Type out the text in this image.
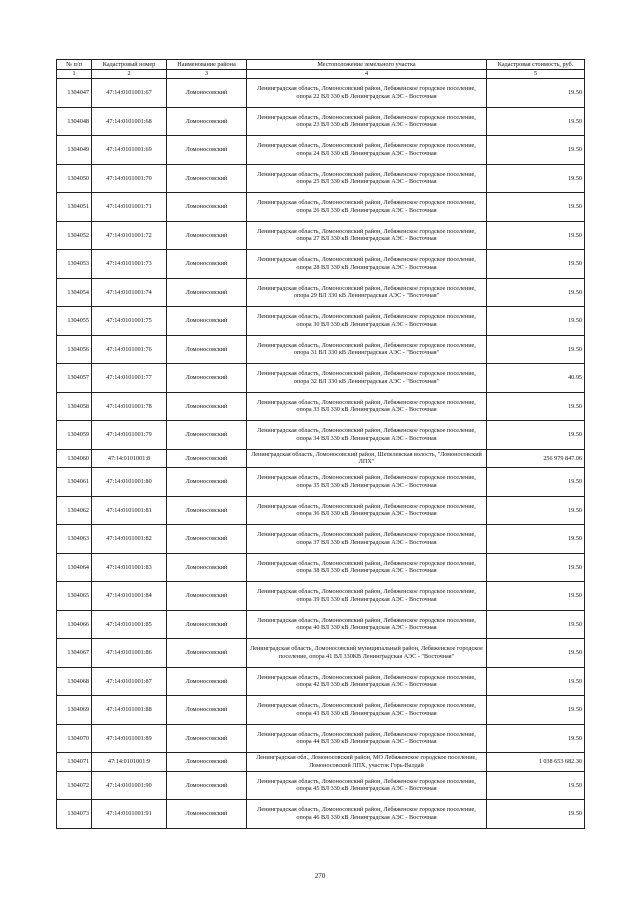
№ п/п	Кадастровый номер	Наименование района	Местоположение земельного участка	Кадастровая стоимость, руб.
1	2	3	4	5
1304047	47:14:0101001:67	Ломоносовский	Ленинградская область, Ломоносовский район, Лебяженское городское поселение, опора 22 ВЛ 330 кВ Ленинградская АЭС - Восточная	19.50
1304048	47:14:0101001:68	Ломоносовский	Ленинградская область, Ломоносовский район, Лебяженское городское поселение, опора 23 ВЛ 330 кВ Ленинградская АЭС - Восточная	19.50
1304049	47:14:0101001:69	Ломоносовский	Ленинградская область, Ломоносовский район, Лебяженское городское поселение, опора 24 ВЛ 330 кВ Ленинградская АЭС - Восточная	19.50
1304050	47:14:0101001:70	Ломоносовский	Ленинградская область, Ломоносовский район, Лебяженское городское поселение, опора 25 ВЛ 330 кВ Ленинградская АЭС - Восточная	19.50
1304051	47:14:0101001:71	Ломоносовский	Ленинградская область, Ломоносовский район, Лебяженское городское поселение, опора 26 ВЛ 330 кВ Ленинградская АЭС - Восточная	19.50
1304052	47:14:0101001:72	Ломоносовский	Ленинградская область, Ломоносовский район, Лебяженское городское поселение, опора 27 ВЛ 330 кВ Ленинградская АЭС - Восточная	19.50
1304053	47:14:0101001:73	Ломоносовский	Ленинградская область, Ломоносовский район, Лебяженское городское поселение, опора 28 ВЛ 330 кВ Ленинградская АЭС - Восточная	19.50
1304054	47:14:0101001:74	Ломоносовский	Ленинградская область, Ломоносовский район, Лебяженское городское поселение, опора 29 ВЛ 330 кВ Ленинградская АЭС - "Восточная"	19.50
1304055	47:14:0101001:75	Ломоносовский	Ленинградская область, Ломоносовский район, Лебяженское городское поселение, опора 30 ВЛ 330 кВ Ленинградская АЭС - Восточная	19.50
1304056	47:14:0101001:76	Ломоносовский	Ленинградская область, Ломоносовский район, Лебяженское городское поселение, опора 31 ВЛ 330 кВ Ленинградская АЭС - "Восточная"	19.50
1304057	47:14:0101001:77	Ломоносовский	Ленинградская область, Ломоносовский район, Лебяженское городское поселение, опора 32 ВЛ 330 кВ Ленинградская АЭС - "Восточная"	40.95
1304058	47:14:0101001:78	Ломоносовский	Ленинградская область, Ломоносовский район, Лебяженское городское поселение, опора 33 ВЛ 330 кВ Ленинградская АЭС - Восточная	19.50
1304059	47:14:0101001:79	Ломоносовский	Ленинградская область, Ломоносовский район, Лебяженское городское поселение, опора 34 ВЛ 330 кВ Ленинградская АЭС - Восточная	19.50
1304060	47:14:0101001:8	Ломоносовский	Ленинградская область, Ломоносовский район, Шепелевская волость, "Ломоносовский ЛПХ"	256 979 847.06
1304061	47:14:0101001:80	Ломоносовский	Ленинградская область, Ломоносовский район, Лебяженское городское поселение, опора 35 ВЛ 330 кВ Ленинградская АЭС - Восточная	19.50
1304062	47:14:0101001:81	Ломоносовский	Ленинградская область, Ломоносовский район, Лебяженское городское поселение, опора 36 ВЛ 330 кВ Ленинградская АЭС - Восточная	19.50
1304063	47:14:0101001:82	Ломоносовский	Ленинградская область, Ломоносовский район, Лебяженское городское поселение, опора 37 ВЛ 330 кВ Ленинградская АЭС - Восточная	19.50
1304064	47:14:0101001:83	Ломоносовский	Ленинградская область, Ломоносовский район, Лебяженское городское поселение, опора 38 ВЛ 330 кВ Ленинградская АЭС - Восточная	19.50
1304065	47:14:0101001:84	Ломоносовский	Ленинградская область, Ломоносовский район, Лебяженское городское поселение, опора 39 ВЛ 330 кВ Ленинградская АЭС - Восточная	19.50
1304066	47:14:0101001:85	Ломоносовский	Ленинградская область, Ломоносовский район, Лебяженское городское поселение, опора 40 ВЛ 330 кВ Ленинградская АЭС - Восточная	19.50
1304067	47:14:0101001:86	Ломоносовский	Ленинградская область, Ломоносовский муниципальный район, Лебяженское городское поселение, опора 41 ВЛ 330КВ Ленинградская АЭС - "Восточная"	19.50
1304068	47:14:0101001:87	Ломоносовский	Ленинградская область, Ломоносовский район, Лебяженское городское поселение, опора 42 ВЛ 330 кВ Ленинградская АЭС - Восточная	19.50
1304069	47:14:0101001:88	Ломоносовский	Ленинградская область, Ломоносовский район, Лебяженское городское поселение, опора 43 ВЛ 330 кВ Ленинградская АЭС - Восточная	19.50
1304070	47:14:0101001:89	Ломоносовский	Ленинградская область, Ломоносовский район, Лебяженское городское поселение, опора 44 ВЛ 330 кВ Ленинградская АЭС - Восточная	19.50
1304071	47:14:0101001:9	Ломоносовский	Ленинградская обл., Ломоносовский район, МО Лебяженское городское поселение, Ломоносовский ЛПХ, участок Горь-Валдай	1 038 653 682.30
1304072	47:14:0101001:90	Ломоносовский	Ленинградская область, Ломоносовский район, Лебяженское городское поселение, опора 45 ВЛ 330 кВ Ленинградская АЭС - Восточная	19.50
1304073	47:14:0101001:91	Ломоносовский	Ленинградская область, Ломоносовский район, Лебяженское городское поселение, опора 46 ВЛ 330 кВ Ленинградская АЭС - Восточная	19.50
270
